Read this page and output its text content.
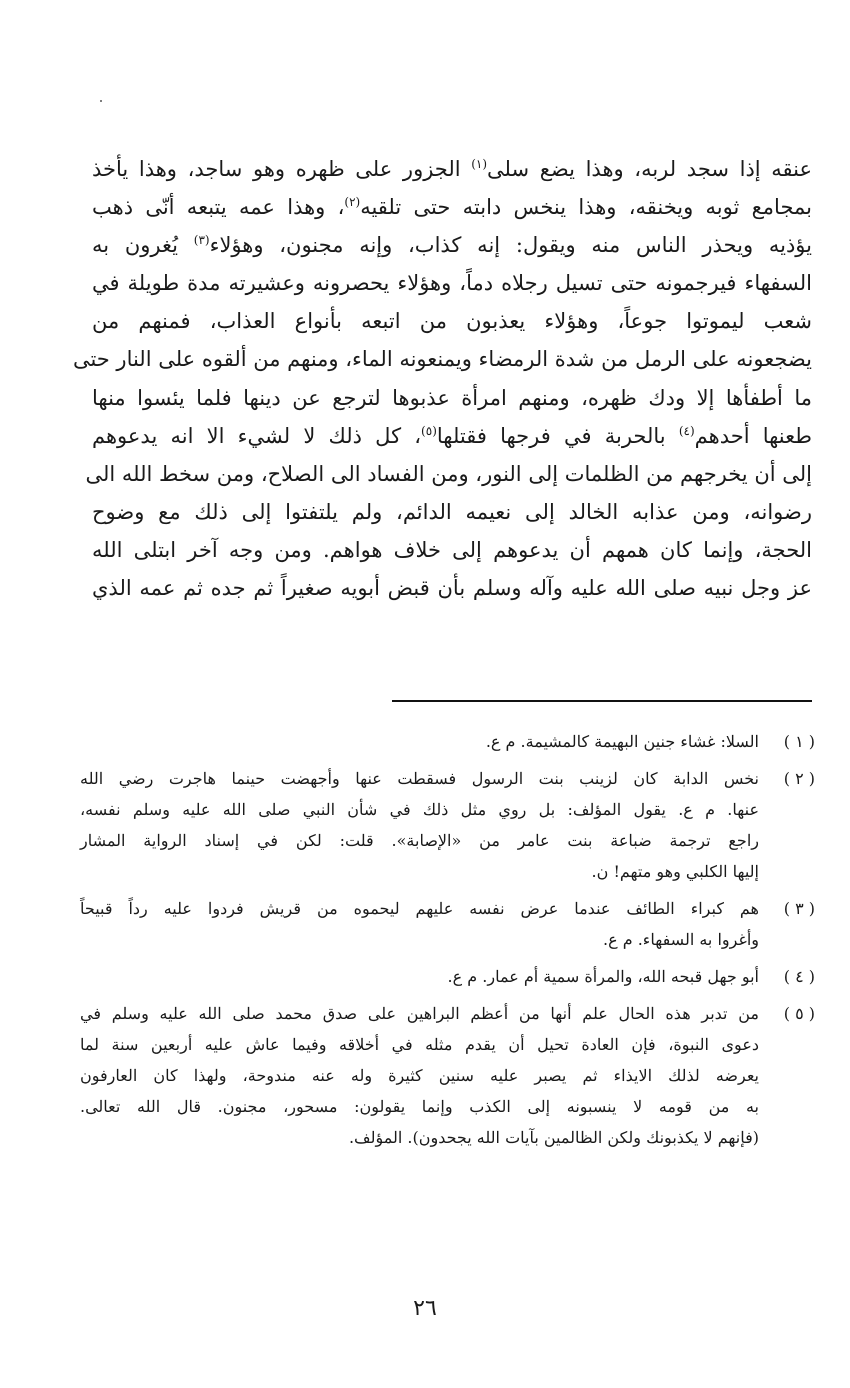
عنقه إذا سجد لربه، وهذا يضع سلى$^{(١)}$ الجزور على ظهره وهو ساجد، وهذا يأخذ
بمجامع ثوبه ويخنقه، وهذا ينخس دابته حتى تلقيه$^{(٢)}$، وهذا عمه يتبعه أنّى ذهب
يؤذيه ويحذر الناس منه ويقول: إنه كذاب، وإنه مجنون، وهؤلاء$^{(٣)}$ يُغرون به
السفهاء فيرجمونه حتى تسيل رجلاه دماً، وهؤلاء يحصرونه وعشيرته مدة طويلة في
شعب ليموتوا جوعاً، وهؤلاء يعذبون من اتبعه بأنواع العذاب، فمنهم من
يضجعونه على الرمل من شدة الرمضاء ويمنعونه الماء، ومنهم من ألقوه على النار حتى
ما أطفأها إلا ودك ظهره، ومنهم امرأة عذبوها لترجع عن دينها فلما يئسوا منها
طعنها أحدهم$^{(٤)}$ بالحربة في فرجها فقتلها$^{(٥)}$، كل ذلك لا لشيء الا انه يدعوهم
إلى أن يخرجهم من الظلمات إلى النور، ومن الفساد الى الصلاح، ومن سخط الله الى
رضوانه، ومن عذابه الخالد إلى نعيمه الدائم، ولم يلتفتوا إلى ذلك مع وضوح
الحجة، وإنما كان همهم أن يدعوهم إلى خلاف هواهم. ومن وجه آخر ابتلى الله
عز وجل نبيه صلى الله عليه وآله وسلم بأن قبض أبويه صغيراً ثم جده ثم عمه الذي
( ١ )
السلا: غشاء جنين البهيمة كالمشيمة. م ع.
( ٢ )
نخس الدابة كان لزينب بنت الرسول فسقطت عنها وأجهضت حينما هاجرت رضي الله
عنها. م ع. يقول المؤلف: بل روي مثل ذلك في شأن النبي صلى الله عليه وسلم نفسه،
راجع ترجمة ضباعة بنت عامر من «الإصابة». قلت: لكن في إسناد الرواية المشار
إليها الكلبي وهو متهم! ن.
( ٣ )
هم كبراء الطائف عندما عرض نفسه عليهم ليحموه من قريش فردوا عليه رداً قبيحاً
وأغروا به السفهاء. م ع.
( ٤ )
أبو جهل قبحه الله، والمرأة سمية أم عمار. م ع.
( ٥ )
من تدبر هذه الحال علم أنها من أعظم البراهين على صدق محمد صلى الله عليه وسلم في
دعوى النبوة، فإن العادة تحيل أن يقدم مثله في أخلاقه وفيما عاش عليه أربعين سنة لما
يعرضه لذلك الايذاء ثم يصبر عليه سنين كثيرة وله عنه مندوحة، ولهذا كان العارفون
به من قومه لا ينسبونه إلى الكذب وإنما يقولون: مسحور، مجنون. قال الله تعالى.
(فإنهم لا يكذبونك ولكن الظالمين بآيات الله يجحدون). المؤلف.
٢٦
